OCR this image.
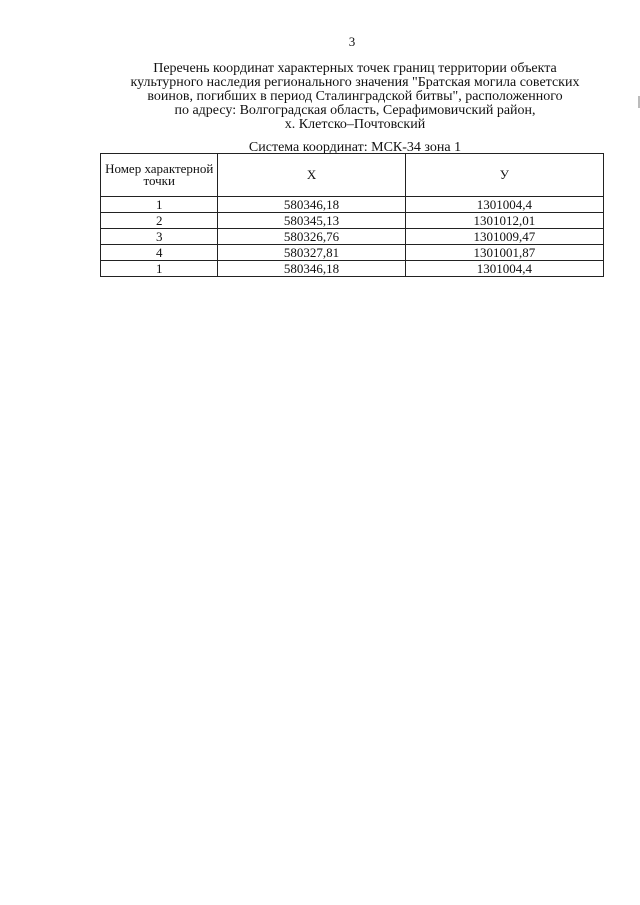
3
Перечень координат характерных точек границ территории объекта
культурного наследия регионального значения "Братская могила советских
воинов, погибших в период Сталинградской битвы", расположенного
по адресу: Волгоградская область, Серафимовичский район,
х. Клетско–Почтовский
Система координат: МСК-34 зона 1
Номер характерной точки	X	У
1	580346,18	1301004,4
2	580345,13	1301012,01
3	580326,76	1301009,47
4	580327,81	1301001,87
1	580346,18	1301004,4
